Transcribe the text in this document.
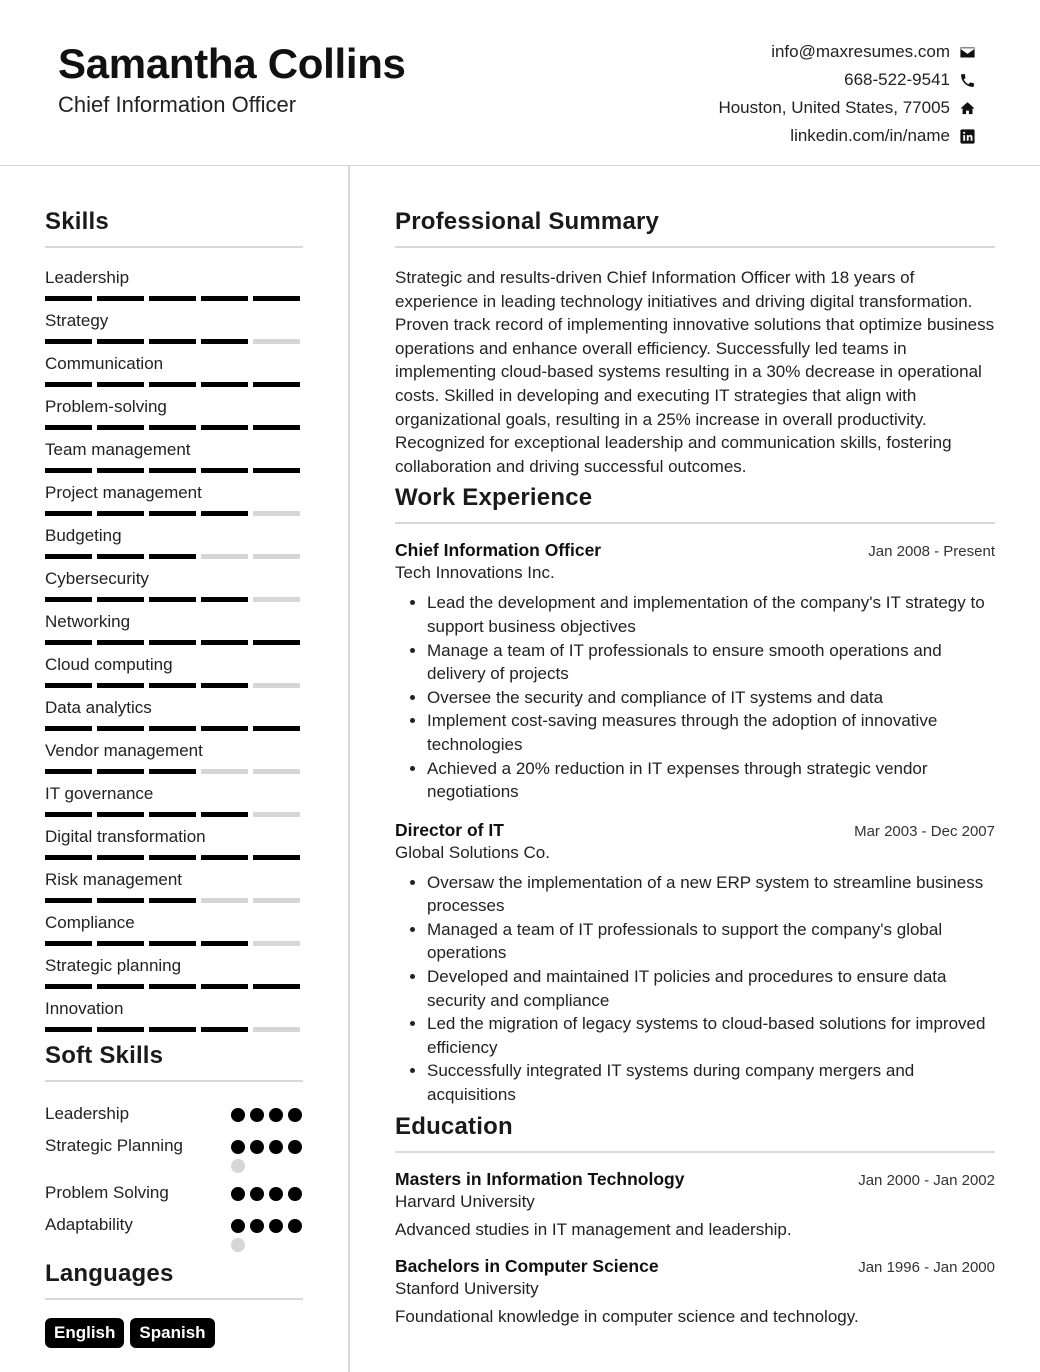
Samantha Collins
Chief Information Officer
info@maxresumes.com
668-522-9541
Houston, United States, 77005
linkedin.com/in/name
Skills
Leadership
Strategy
Communication
Problem-solving
Team management
Project management
Budgeting
Cybersecurity
Networking
Cloud computing
Data analytics
Vendor management
IT governance
Digital transformation
Risk management
Compliance
Strategic planning
Innovation
Soft Skills
Leadership
Strategic Planning
Problem Solving
Adaptability
Languages
English	Spanish
Professional Summary

Strategic and results-driven Chief Information Officer with 18 years of experience in leading technology initiatives and driving digital transformation. Proven track record of implementing innovative solutions that optimize business operations and enhance overall efficiency. Successfully led teams in implementing cloud-based systems resulting in a 30% decrease in operational costs. Skilled in developing and executing IT strategies that align with organizational goals, resulting in a 25% increase in overall productivity. Recognized for exceptional leadership and communication skills, fostering collaboration and driving successful outcomes.

Work Experience
Chief Information Officer	Jan 2008 - Present
Tech Innovations Inc.
• Lead the development and implementation of the company's IT strategy to support business objectives
• Manage a team of IT professionals to ensure smooth operations and delivery of projects
• Oversee the security and compliance of IT systems and data
• Implement cost-saving measures through the adoption of innovative technologies
• Achieved a 20% reduction in IT expenses through strategic vendor negotiations
Director of IT	Mar 2003 - Dec 2007
Global Solutions Co.
• Oversaw the implementation of a new ERP system to streamline business processes
• Managed a team of IT professionals to support the company's global operations
• Developed and maintained IT policies and procedures to ensure data security and compliance
• Led the migration of legacy systems to cloud-based solutions for improved efficiency
• Successfully integrated IT systems during company mergers and acquisitions
Education
Masters in Information Technology	Jan 2000 - Jan 2002
Harvard University
Advanced studies in IT management and leadership.
Bachelors in Computer Science	Jan 1996 - Jan 2000
Stanford University
Foundational knowledge in computer science and technology.
